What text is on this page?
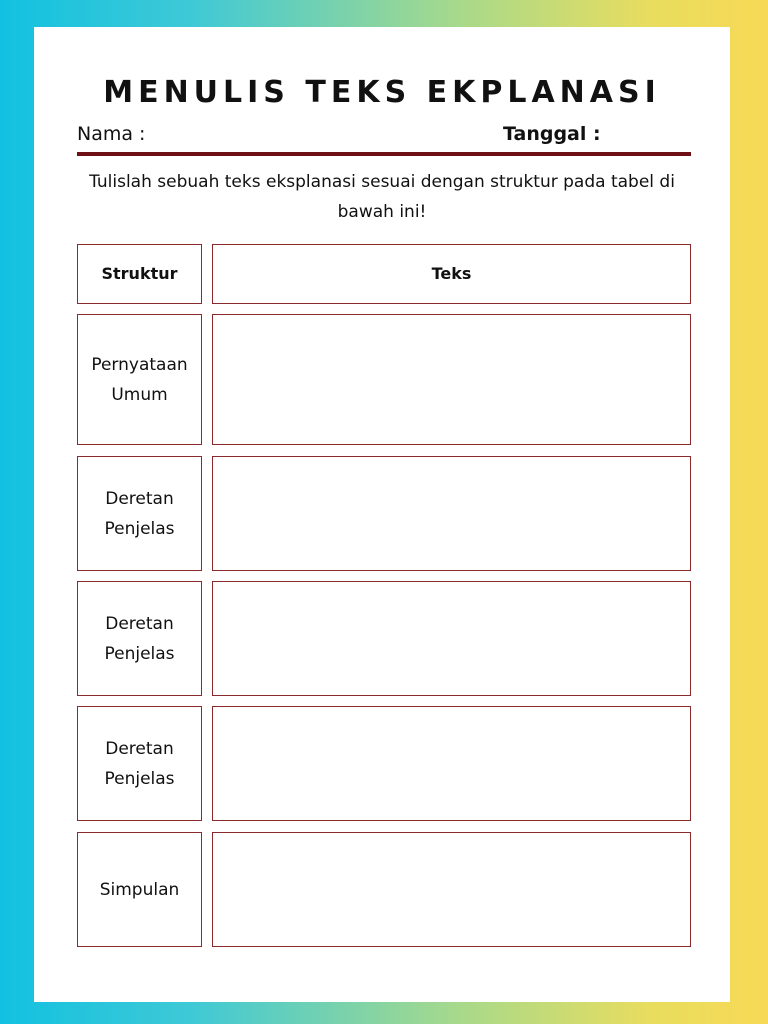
MENULIS TEKS EKPLANASI
Nama :	Tanggal :

Tulislah sebuah teks eksplanasi sesuai dengan struktur pada tabel di bawah ini!

Struktur	Teks
Pernyataan Umum
Deretan Penjelas
Deretan Penjelas
Deretan Penjelas
Simpulan
